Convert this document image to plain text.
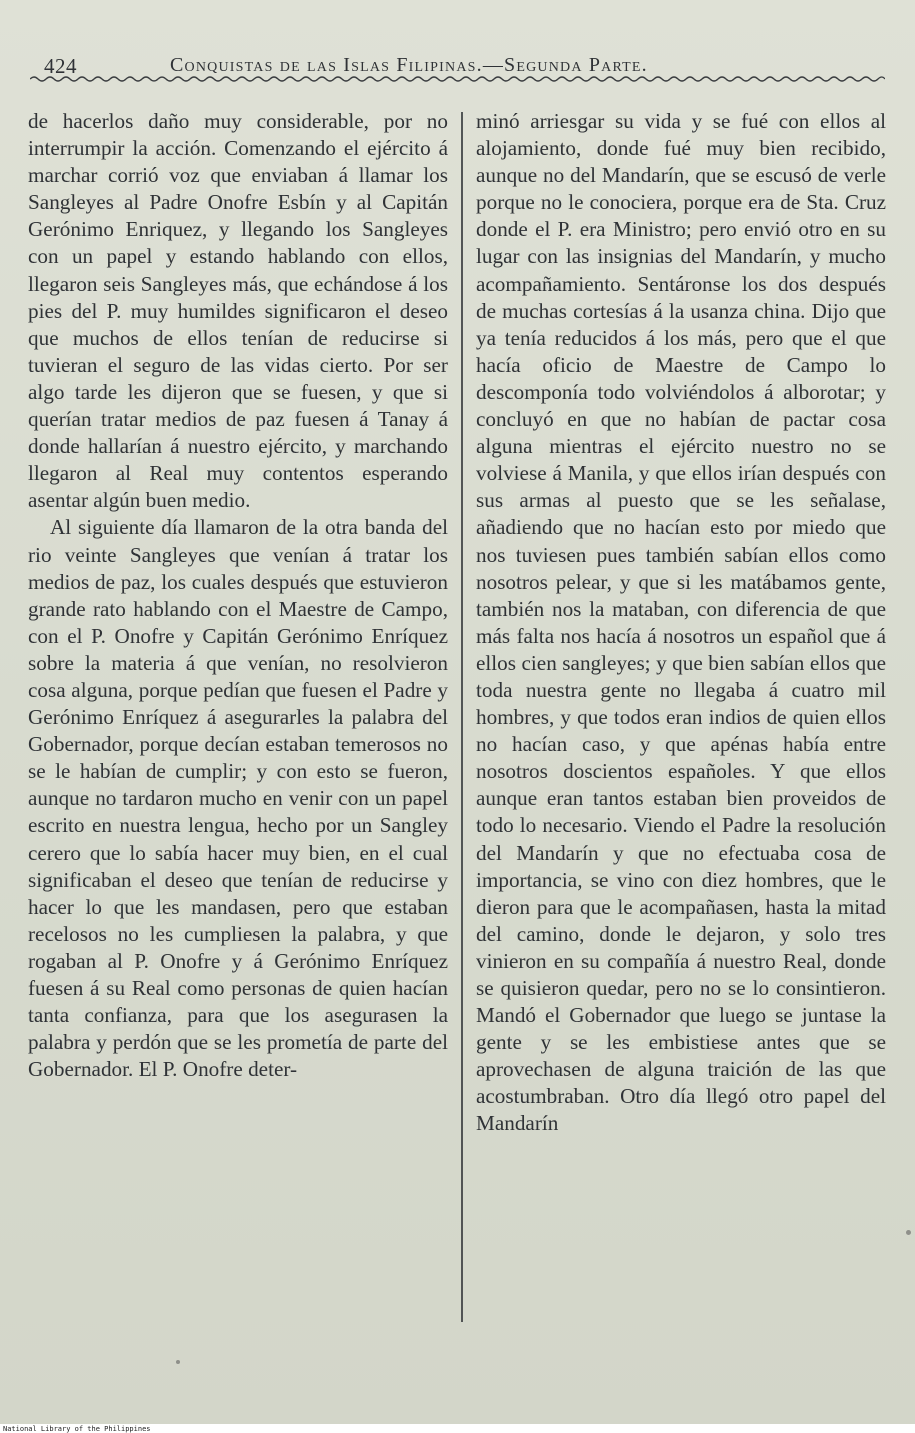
424	Conquistas de las Islas Filipinas.—Segunda Parte.

de hacerlos daño muy considerable, por no interrumpir la acción. Comenzando el ejército á marchar corrió voz que enviaban á llamar los Sangleyes al Padre Onofre Esbín y al Capitán Gerónimo Enriquez, y llegando los Sangleyes con un papel y estando hablando con ellos, llegaron seis Sangleyes más, que echándose á los pies del P. muy humildes significaron el deseo que muchos de ellos tenían de reducirse si tuvieran el seguro de las vidas cierto. Por ser algo tarde les dijeron que se fuesen, y que si querían tratar medios de paz fuesen á Tanay á donde hallarían á nuestro ejército, y marchando llegaron al Real muy contentos esperando asentar algún buen medio.

Al siguiente día llamaron de la otra banda del rio veinte Sangleyes que venían á tratar los medios de paz, los cuales después que estuvieron grande rato hablando con el Maestre de Campo, con el P. Onofre y Capitán Gerónimo Enríquez sobre la materia á que venían, no resolvieron cosa alguna, porque pedían que fuesen el Padre y Gerónimo Enríquez á asegurarles la palabra del Gobernador, porque decían estaban temerosos no se le habían de cumplir; y con esto se fueron, aunque no tardaron mucho en venir con un papel escrito en nuestra lengua, hecho por un Sangley cerero que lo sabía hacer muy bien, en el cual significaban el deseo que tenían de reducirse y hacer lo que les mandasen, pero que estaban recelosos no les cumpliesen la palabra, y que rogaban al P. Onofre y á Gerónimo Enríquez fuesen á su Real como personas de quien hacían tanta confianza, para que los asegurasen la palabra y perdón que se les prometía de parte del Gobernador. El P. Onofre deter-

minó arriesgar su vida y se fué con ellos al alojamiento, donde fué muy bien recibido, aunque no del Mandarín, que se escusó de verle porque no le conociera, porque era de Sta. Cruz donde el P. era Ministro; pero envió otro en su lugar con las insignias del Mandarín, y mucho acompañamiento. Sentáronse los dos después de muchas cortesías á la usanza china. Dijo que ya tenía reducidos á los más, pero que el que hacía oficio de Maestre de Campo lo descomponía todo volviéndolos á alborotar; y concluyó en que no habían de pactar cosa alguna mientras el ejército nuestro no se volviese á Manila, y que ellos irían después con sus armas al puesto que se les señalase, añadiendo que no hacían esto por miedo que nos tuviesen pues también sabían ellos como nosotros pelear, y que si les matábamos gente, también nos la mataban, con diferencia de que más falta nos hacía á nosotros un español que á ellos cien sangleyes; y que bien sabían ellos que toda nuestra gente no llegaba á cuatro mil hombres, y que todos eran indios de quien ellos no hacían caso, y que apénas había entre nosotros doscientos españoles. Y que ellos aunque eran tantos estaban bien proveidos de todo lo necesario. Viendo el Padre la resolución del Mandarín y que no efectuaba cosa de importancia, se vino con diez hombres, que le dieron para que le acompañasen, hasta la mitad del camino, donde le dejaron, y solo tres vinieron en su compañía á nuestro Real, donde se quisieron quedar, pero no se lo consintieron. Mandó el Gobernador que luego se juntase la gente y se les embistiese antes que se aprovechasen de alguna traición de las que acostumbraban. Otro día llegó otro papel del Mandarín

National Library of the Philippines
